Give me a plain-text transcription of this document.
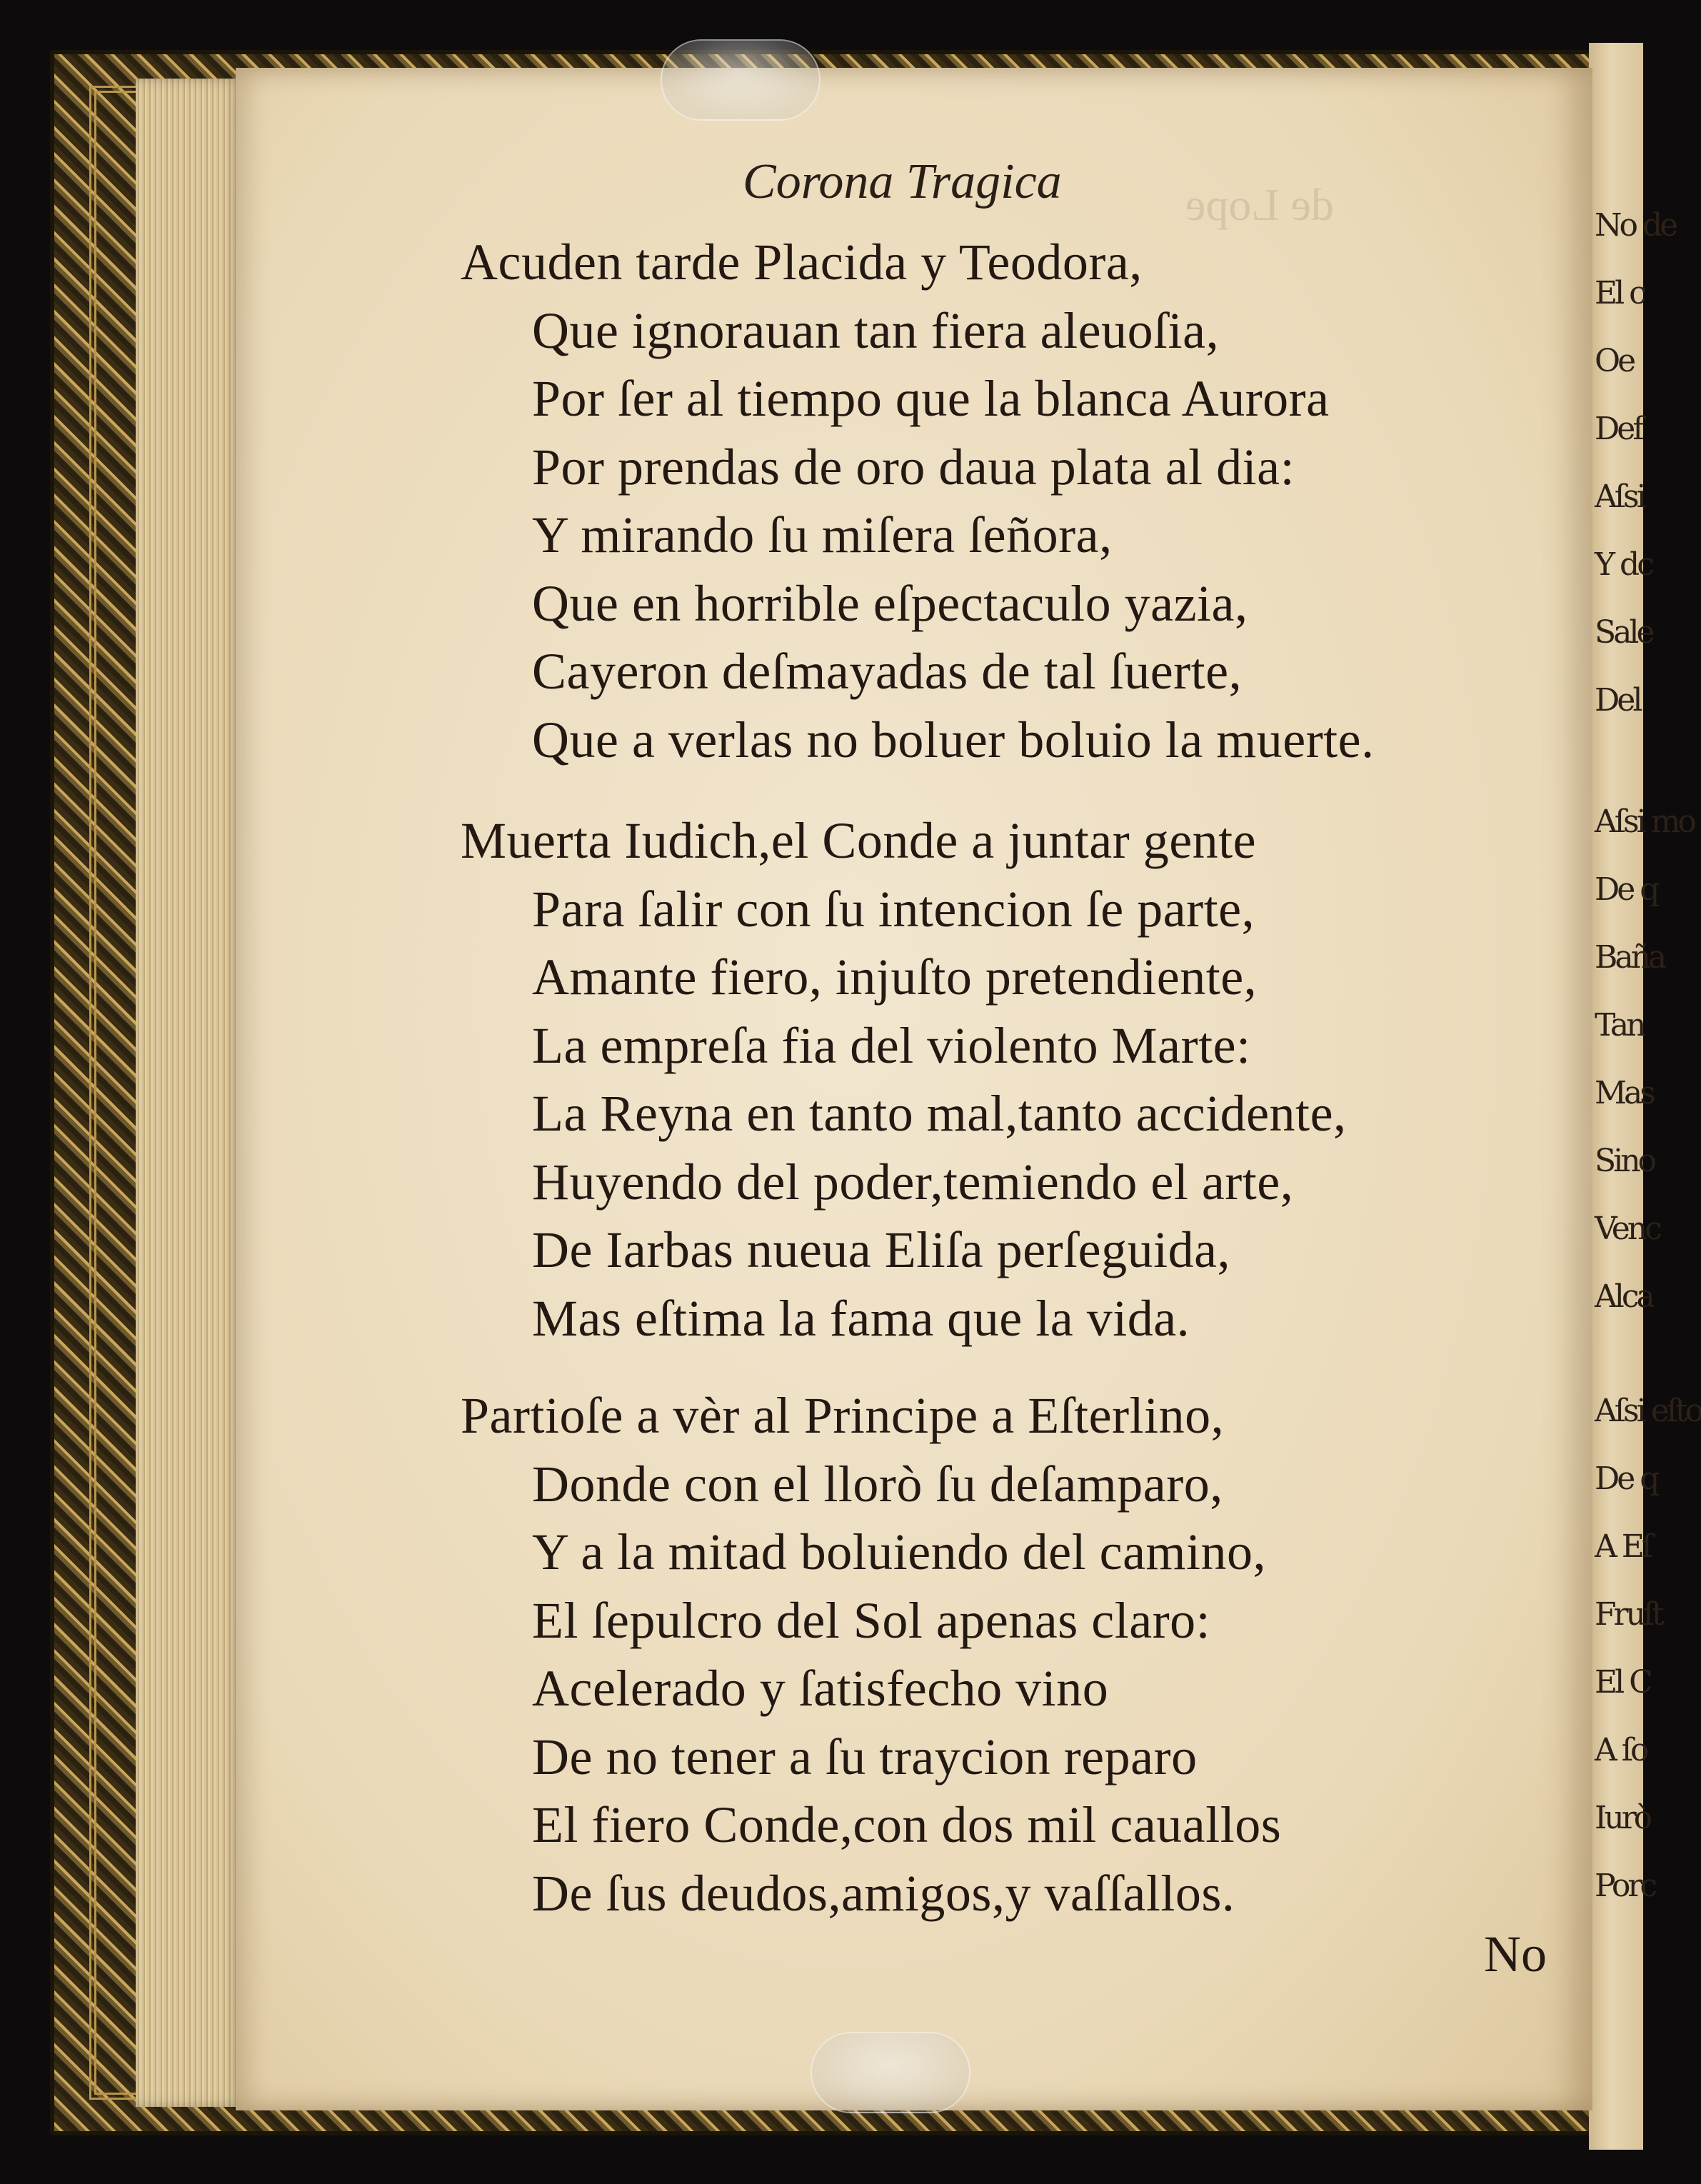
No de
El c
Oe
Def
Aſsi
Y dc
Sale
Del
Aſsi mo
De q
Baña
Tan
Mas
Sino
Venc
Alca
Aſsi eſto
De q
A Eſ
Fruſt
El C
A ſo
Iurò
Porc
de Lope
Corona Tragica
Acuden tarde Placida y Teodora,
Que ignorauan tan fiera aleuoſia,
Por ſer al tiempo que la blanca Aurora
Por prendas de oro daua plata al dia:
Y mirando ſu miſera ſeñora,
Que en horrible eſpectaculo yazia,
Cayeron deſmayadas de tal ſuerte,
Que a verlas no boluer boluio la muerte.
Muerta Iudich,el Conde a juntar gente
Para ſalir con ſu intencion ſe parte,
Amante fiero, injuſto pretendiente,
La empreſa fia del violento Marte:
La Reyna en tanto mal,tanto accidente,
Huyendo del poder,temiendo el arte,
De Iarbas nueua Eliſa perſeguida,
Mas eſtima la fama que la vida.
Partioſe a vèr al Principe a Eſterlino,
Donde con el llorò ſu deſamparo,
Y a la mitad boluiendo del camino,
El ſepulcro del Sol apenas claro:
Acelerado y ſatisfecho vino
De no tener a ſu traycion reparo
El fiero Conde,con dos mil cauallos
De ſus deudos,amigos,y vaſſallos.
No
